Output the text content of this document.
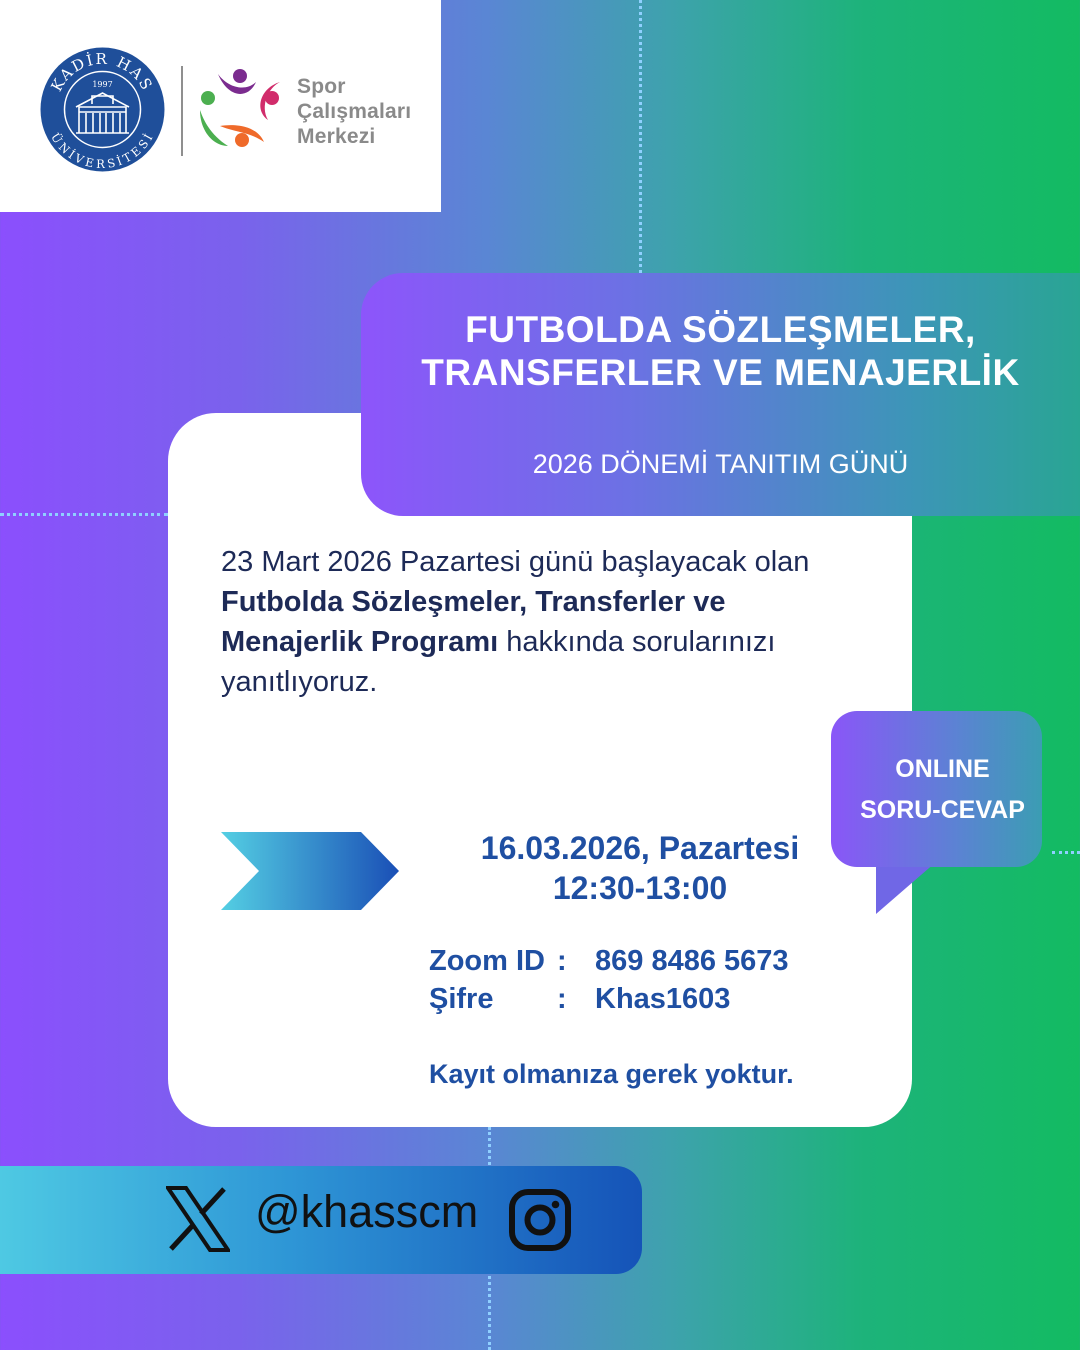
KADİR HAS
ÜNİVERSİTESİ
1997	Spor
Çalışmaları
Merkezi
FUTBOLDA SÖZLEŞMELER,
TRANSFERLER VE MENAJERLİK
2026 DÖNEMİ TANITIM GÜNÜ
23 Mart 2026 Pazartesi günü başlayacak olan Futbolda Sözleşmeler, Transferler ve Menajerlik Programı hakkında sorularınızı yanıtlıyoruz.
16.03.2026, Pazartesi
12:30-13:00
Zoom ID : 869 8486 5673
Şifre : Khas1603
Kayıt olmanıza gerek yoktur.
ONLINE
SORU-CEVAP
@khasscm
